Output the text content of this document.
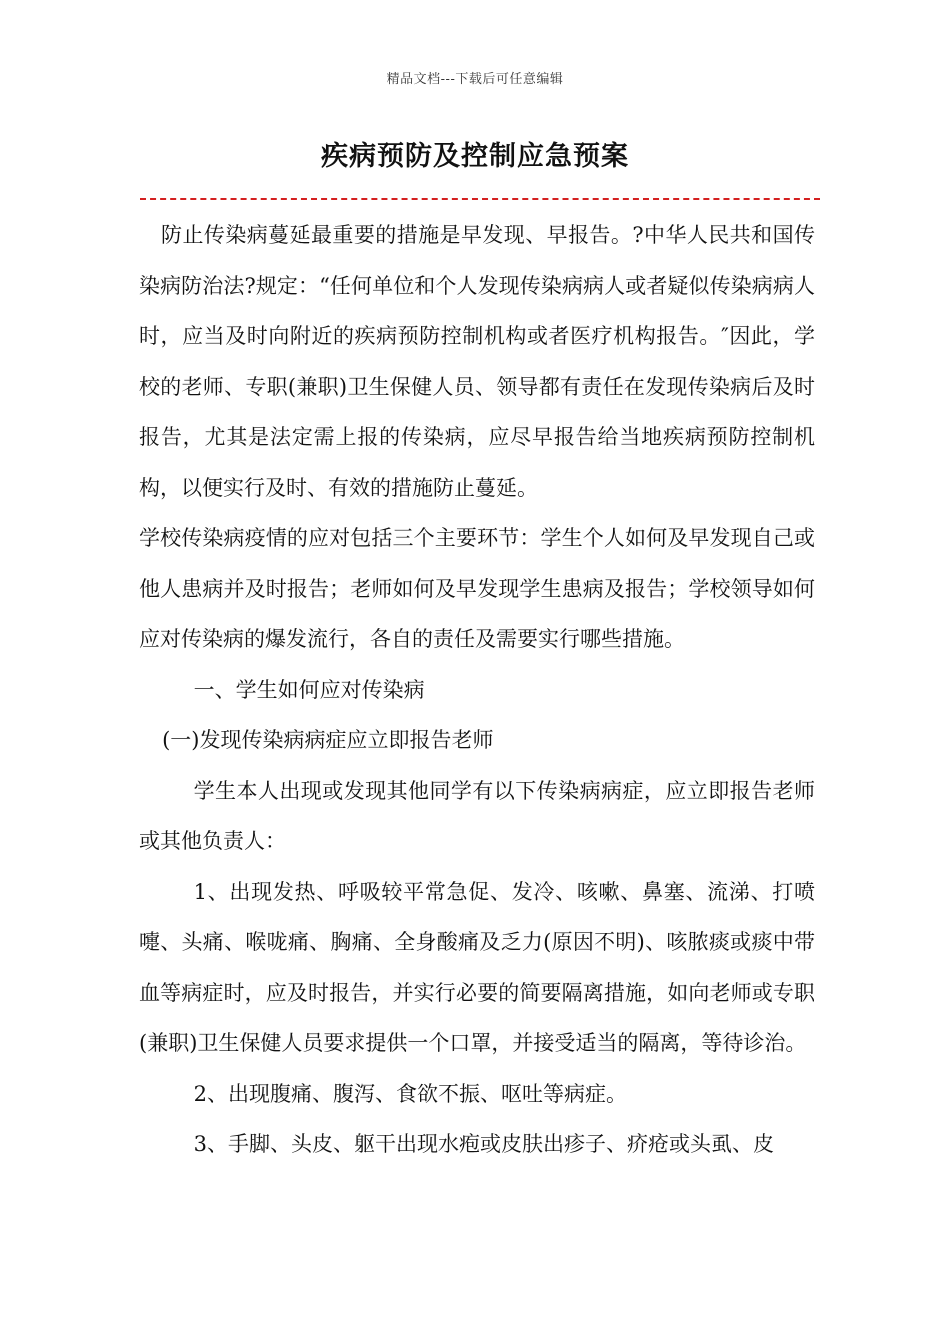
精品文档---下载后可任意编辑
疾病预防及控制应急预案

防止传染病蔓延最重要的措施是早发现、早报告。?中华人民共和国传染病防治法?规定：“任何单位和个人发现传染病病人或者疑似传染病病人时，应当及时向附近的疾病预防控制机构或者医疗机构报告。″因此，学校的老师、专职(兼职)卫生保健人员、领导都有责任在发现传染病后及时报告，尤其是法定需上报的传染病，应尽早报告给当地疾病预防控制机构，以便实行及时、有效的措施防止蔓延。

学校传染病疫情的应对包括三个主要环节：学生个人如何及早发现自己或他人患病并及时报告；老师如何及早发现学生患病及报告；学校领导如何应对传染病的爆发流行，各自的责任及需要实行哪些措施。

一、学生如何应对传染病

(一)发现传染病病症应立即报告老师

学生本人出现或发现其他同学有以下传染病病症，应立即报告老师或其他负责人：

1、出现发热、呼吸较平常急促、发冷、咳嗽、鼻塞、流涕、打喷嚏、头痛、喉咙痛、胸痛、全身酸痛及乏力(原因不明)、咳脓痰或痰中带血等病症时，应及时报告，并实行必要的简要隔离措施，如向老师或专职(兼职)卫生保健人员要求提供一个口罩，并接受适当的隔离，等待诊治。

2、出现腹痛、腹泻、食欲不振、呕吐等病症。

3、手脚、头皮、躯干出现水疱或皮肤出疹子、疥疮或头虱、皮
